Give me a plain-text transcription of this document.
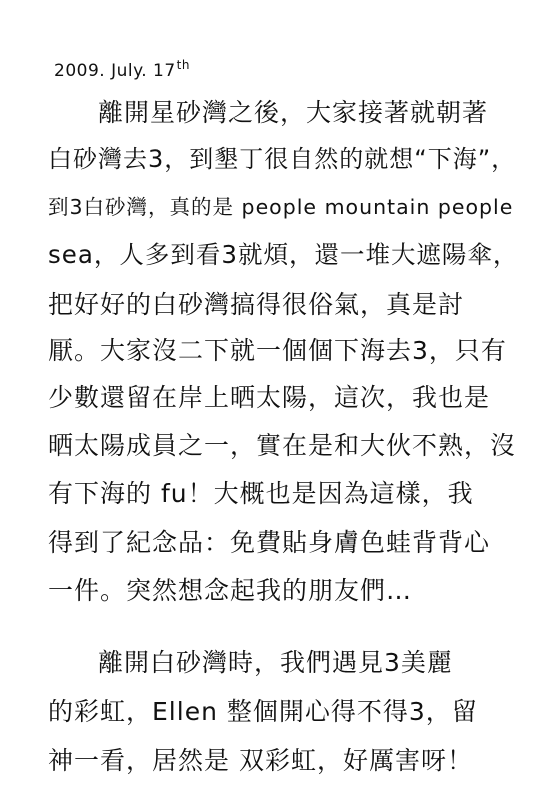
2009. July. 17th
離開星砂灣之後，大家接著就朝著
白砂灣去3，到墾丁很自然的就想“下海”，
到3白砂灣，真的是 people mountain people
sea，人多到看3就煩，還一堆大遮陽傘，
把好好的白砂灣搞得很俗氣，真是討
厭。大家沒二下就一個個下海去3，只有
少數還留在岸上晒太陽，這次，我也是
晒太陽成員之一，實在是和大伙不熟，沒
有下海的 fu！大概也是因為這樣，我
得到了紀念品：免費貼身膚色蛙背背心
一件。突然想念起我的朋友們…
離開白砂灣時，我們遇見3美麗
的彩虹，Ellen 整個開心得不得3，留
神一看，居然是 双彩虹，好厲害呀！
